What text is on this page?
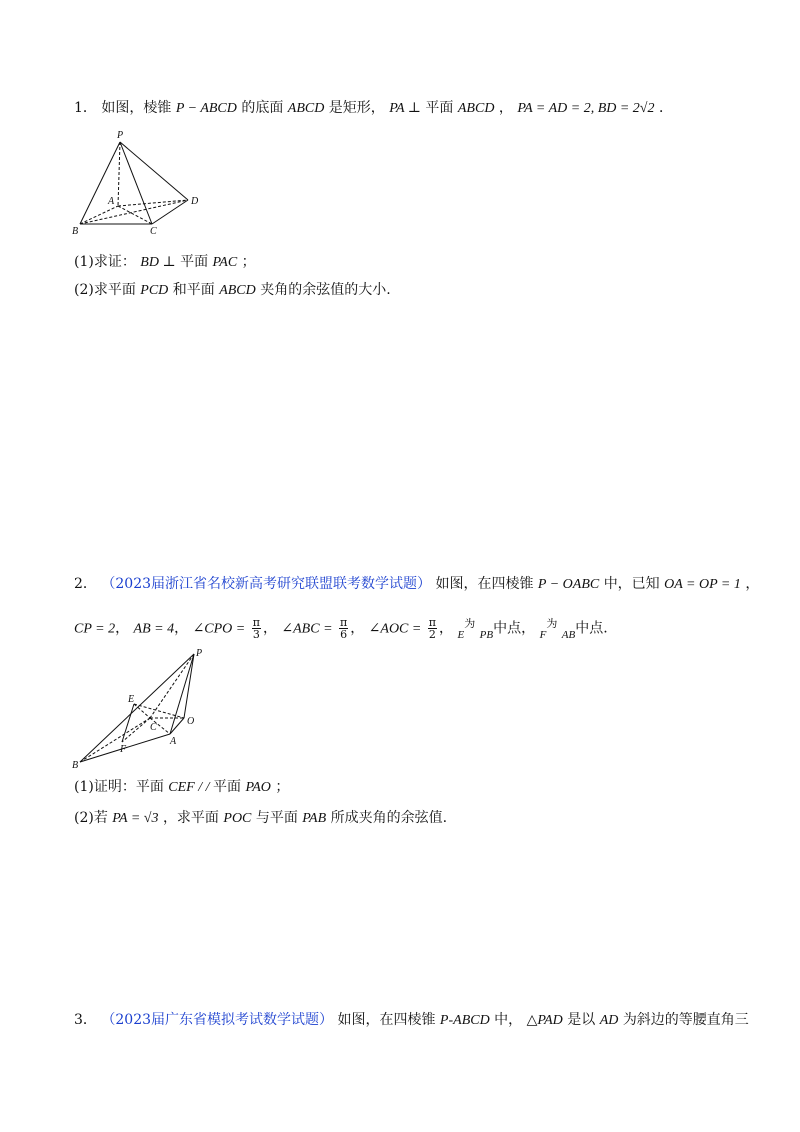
1． 如图，棱锥 P − ABCD 的底面 ABCD 是矩形， PA ⊥ 平面 ABCD ， PA = AD = 2, BD = 2√2 ．
P
A
B	C
D
(1)求证： BD ⊥ 平面 PAC ；
(2)求平面 PCD 和平面 ABCD 夹角的余弦值的大小.
2． （2023届浙江省名校新高考研究联盟联考数学试题） 如图，在四棱锥 P − OABC 中，已知 OA = OP = 1 ，
CP = 2， AB = 4， ∠CPO = $\frac{\pi}{3}$ ， ∠ABC = $\frac{\pi}{6}$ ， ∠AOC = $\frac{\pi}{2}$ ， $_E^为$ $_{PB}$中点， $_F^为$ $_{AB}$中点.
P
E
O
C
A
F
B
(1)证明：平面 CEF / / 平面 PAO ；
(2)若 PA = √3 ，求平面 POC 与平面 PAB 所成夹角的余弦值.
3． （2023届广东省模拟考试数学试题） 如图，在四棱锥 P-ABCD 中， △PAD 是以 AD 为斜边的等腰直角三
